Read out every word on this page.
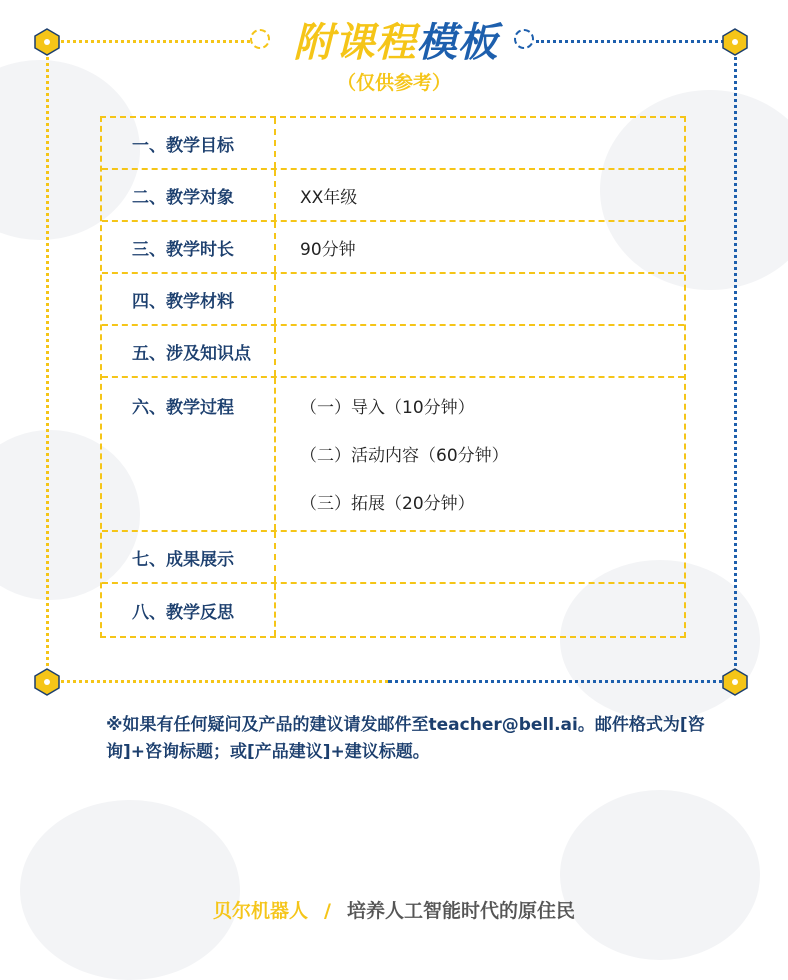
附课程 模板
（仅供参考）
一、教学目标
二、教学对象	XX年级
三、教学时长	90分钟
四、教学材料
五、涉及知识点
六、教学过程	（一）导入（10分钟）
（二）活动内容（60分钟）
（三）拓展（20分钟）
七、成果展示
八、教学反思
※如果有任何疑问及产品的建议请发邮件至teacher@bell.ai。邮件格式为[咨询]+咨询标题；或[产品建议]+建议标题。
贝尔机器人 / 培养人工智能时代的原住民
